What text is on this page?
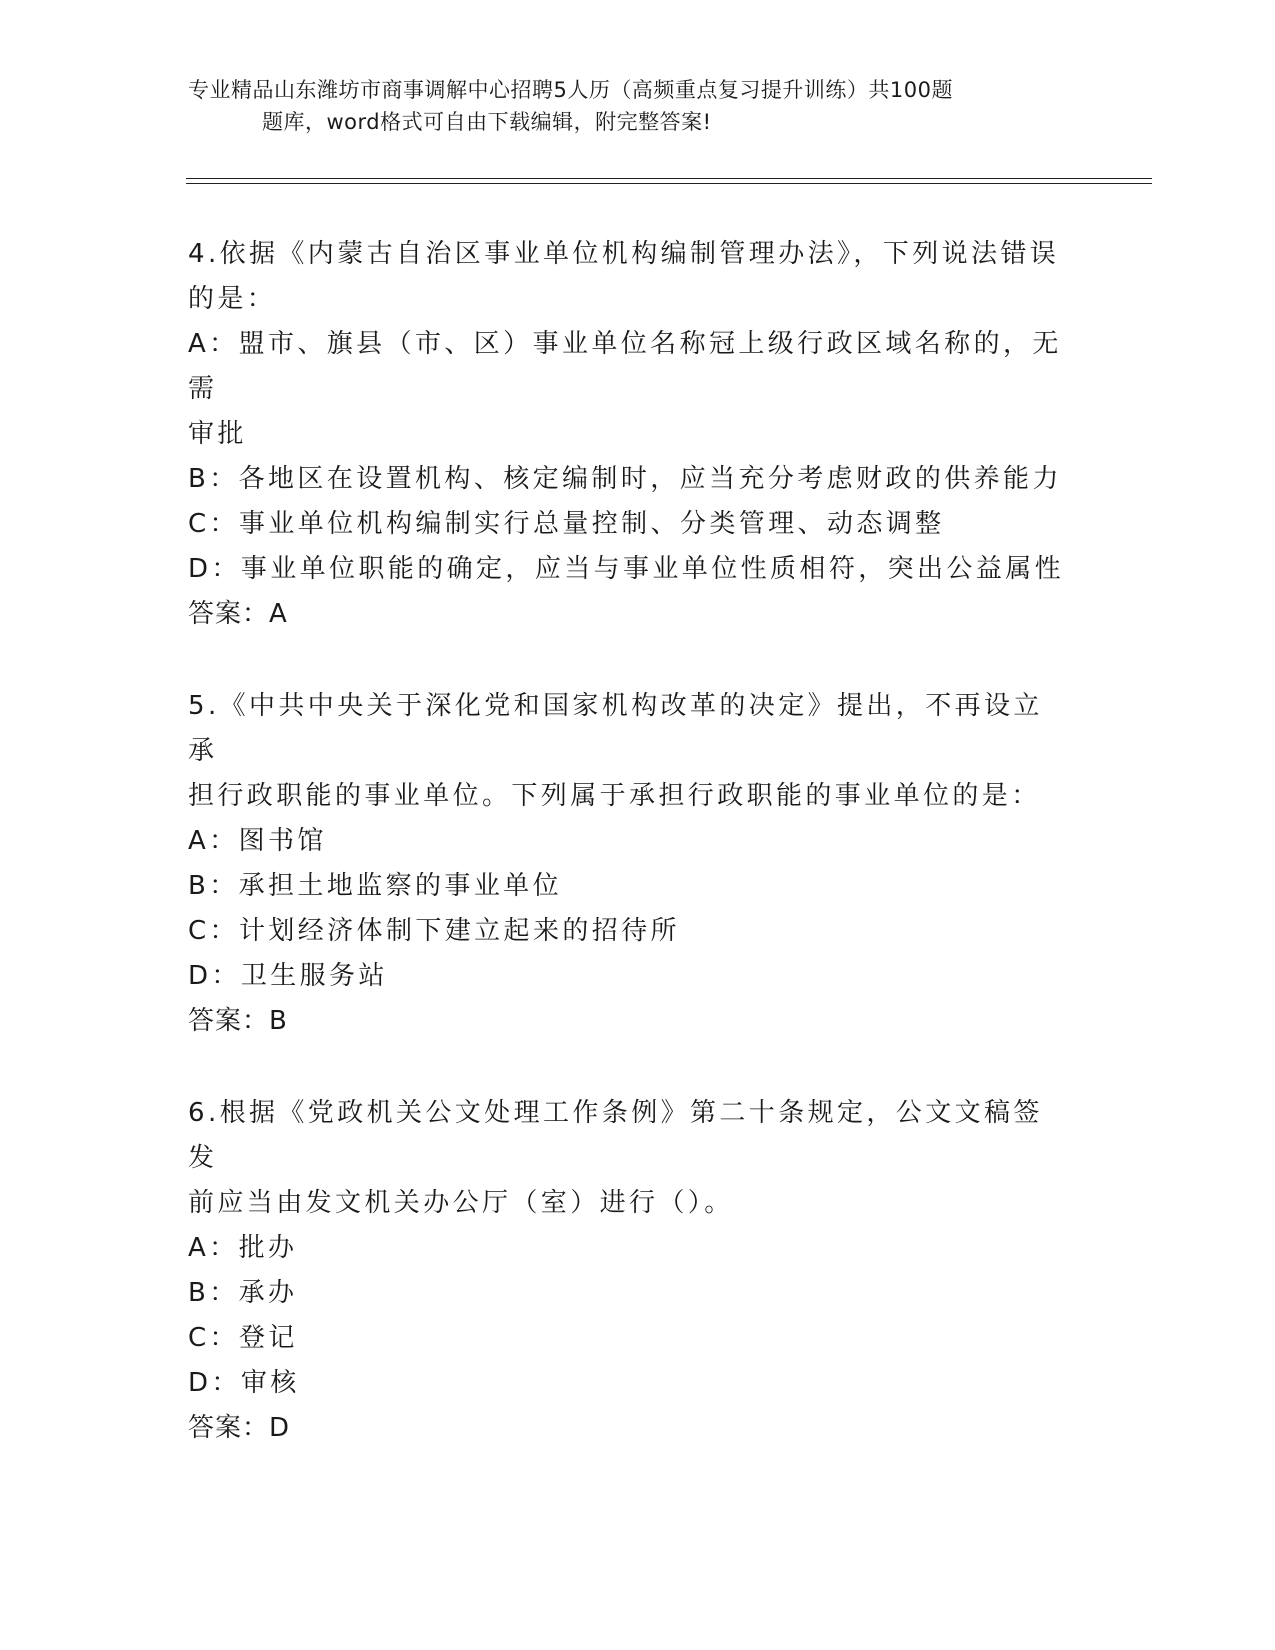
专业精品山东潍坊市商事调解中心招聘5人历（高频重点复习提升训练）共100题
题库，word格式可自由下载编辑，附完整答案!

4.依据《内蒙古自治区事业单位机构编制管理办法》，下列说法错误

的是：

A：盟市、旗县（市、区）事业单位名称冠上级行政区域名称的，无需

审批

B：各地区在设置机构、核定编制时，应当充分考虑财政的供养能力

C：事业单位机构编制实行总量控制、分类管理、动态调整

D：事业单位职能的确定，应当与事业单位性质相符，突出公益属性

答案：A

5.《中共中央关于深化党和国家机构改革的决定》提出，不再设立承

担行政职能的事业单位。下列属于承担行政职能的事业单位的是：

A：图书馆

B：承担土地监察的事业单位

C：计划经济体制下建立起来的招待所

D：卫生服务站

答案：B

6.根据《党政机关公文处理工作条例》第二十条规定，公文文稿签发

前应当由发文机关办公厅（室）进行（）。

A：批办

B：承办

C：登记

D：审核

答案：D
